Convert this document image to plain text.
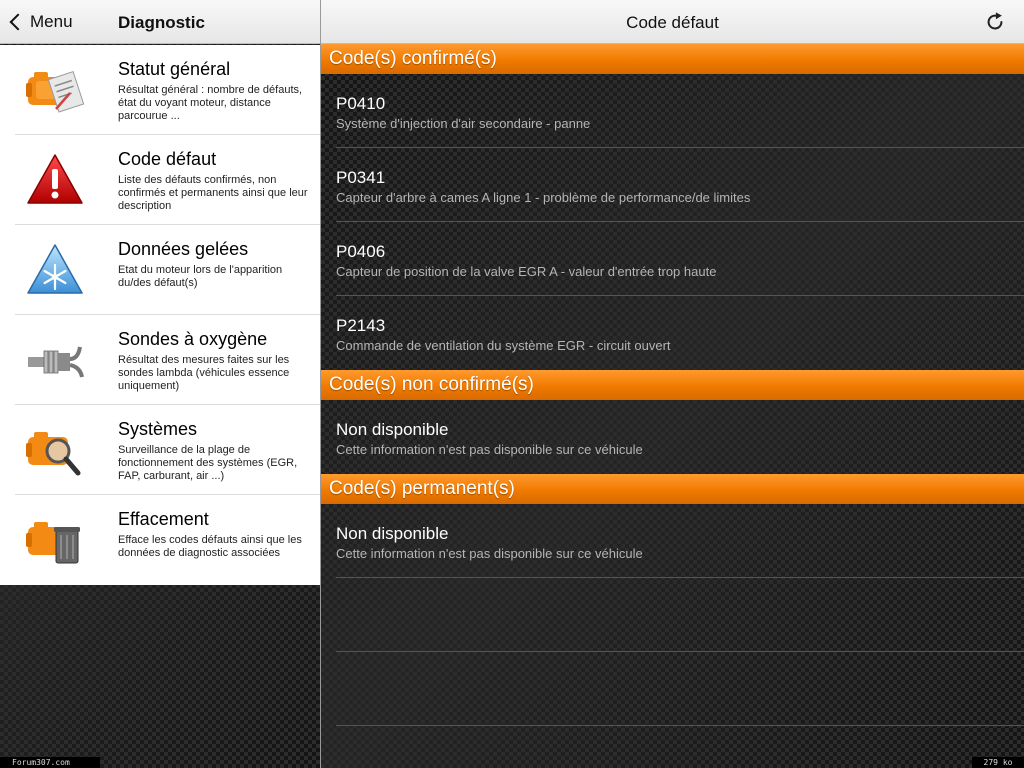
Menu	Diagnostic
Statut général
Résultat général : nombre de défauts, état du voyant moteur, distance parcourue ...
Code défaut
Liste des défauts confirmés, non confirmés et permanents ainsi que leur description
Données gelées
Etat du moteur lors de l'apparition du/des défaut(s)
Sondes à oxygène
Résultat des mesures faites sur les sondes lambda (véhicules essence uniquement)
Systèmes
Surveillance de la plage de fonctionnement des systèmes (EGR, FAP, carburant, air ...)
Effacement
Efface les codes défauts ainsi que les données de diagnostic associées
Code défaut
Code(s) confirmé(s)
P0410
Système d'injection d'air secondaire - panne
P0341
Capteur d'arbre à cames A ligne 1 - problème de performance/de limites
P0406
Capteur de position de la valve EGR A - valeur d'entrée trop haute
P2143
Commande de ventilation du système EGR - circuit ouvert
Code(s) non confirmé(s)
Non disponible
Cette information n'est pas disponible sur ce véhicule
Code(s) permanent(s)
Non disponible
Cette information n'est pas disponible sur ce véhicule
Forum307.com	279 ko
